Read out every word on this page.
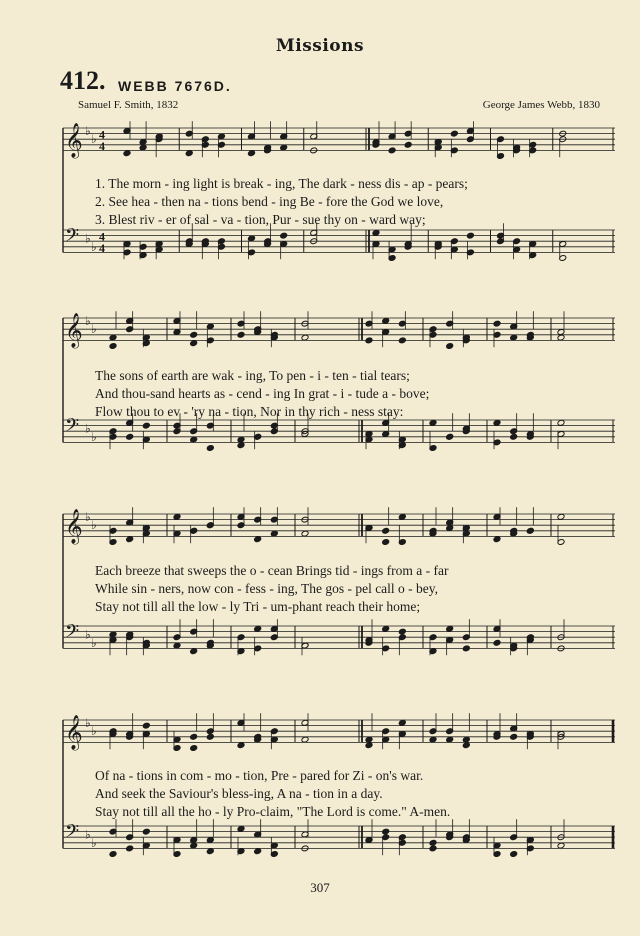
Missions
412. WEBB 7676D.
Samuel F. Smith, 1832	George James Webb, 1830
𝄞 ♭
♭ 4
4
𝄢 ♭
♭
4
4
1. The morn - ing light is break - ing, The dark - ness dis - ap - pears;
2. See hea - then na - tions bend - ing Be - fore the God we love,
3. Blest riv - er of sal - va - tion, Pur - sue thy on - ward way;
𝄞 ♭
♭
𝄢 ♭
♭
The sons of earth are wak - ing, To pen - i - ten - tial tears;
And thou-sand hearts as - cend - ing In grat - i - tude a - bove;
Flow thou to ev - 'ry na - tion, Nor in thy rich - ness stay:
𝄞 ♭
♭
𝄢 ♭
♭
Each breeze that sweeps the o - cean Brings tid - ings from a - far
While sin - ners, now con - fess - ing, The gos - pel call o - bey,
Stay not till all the low - ly Tri - um-phant reach their home;
𝄞 ♭
♭
𝄢 ♭
♭
Of na - tions in com - mo - tion, Pre - pared for Zi - on's war.
And seek the Saviour's bless-ing, A na - tion in a day.
Stay not till all the ho - ly Pro-claim, "The Lord is come." A-men.
307
